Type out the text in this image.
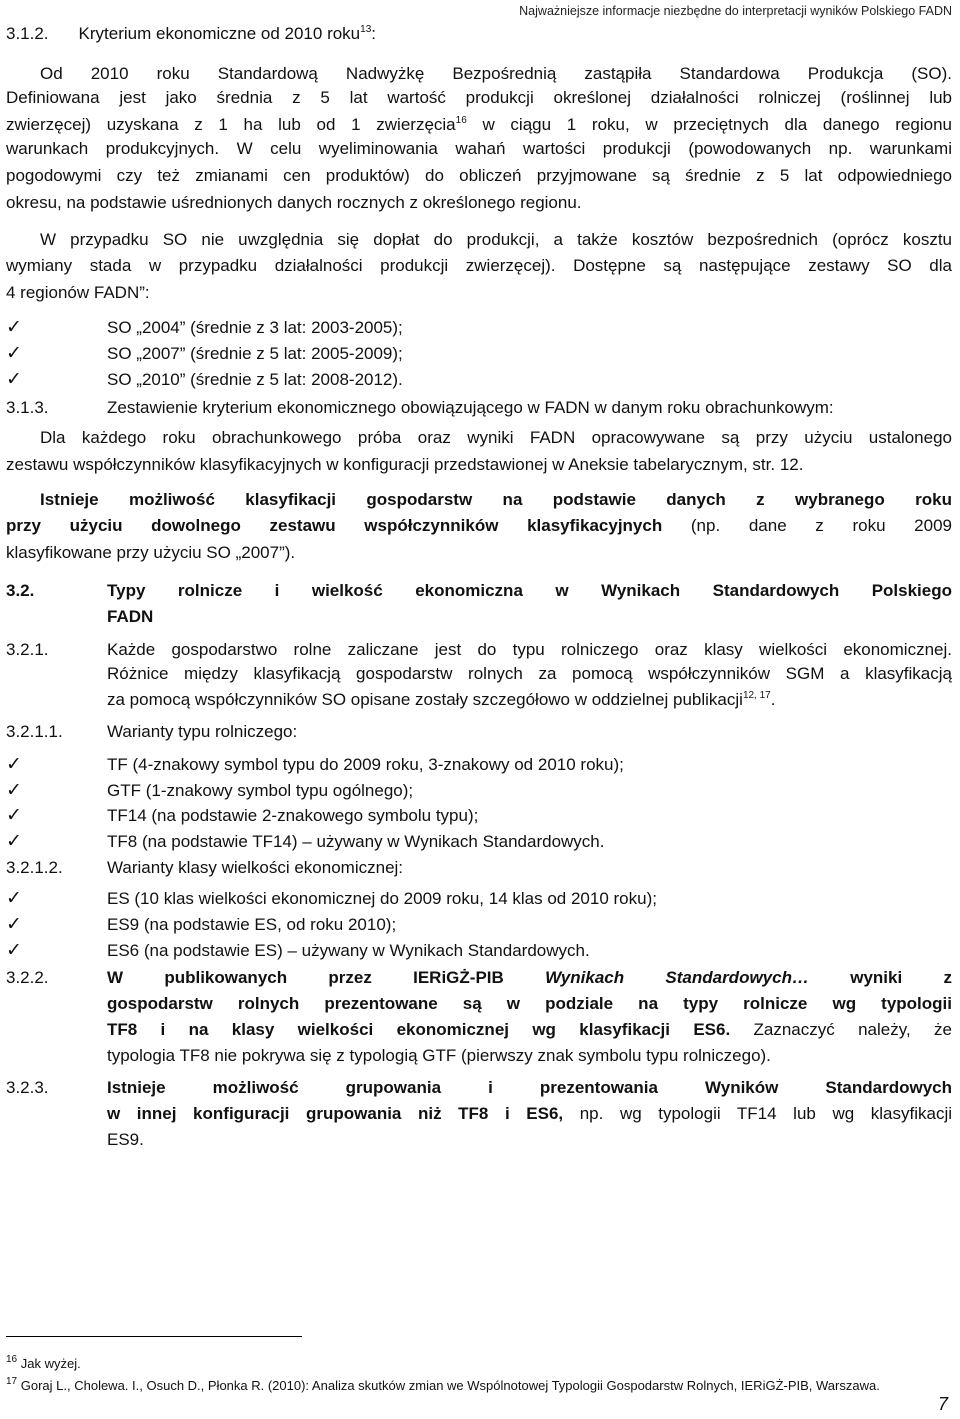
Najważniejsze informacje niezbędne do interpretacji wyników Polskiego FADN
3.1.2. Kryterium ekonomiczne od 2010 roku$^{13}$:
Od 2010 roku Standardową Nadwyżkę Bezpośrednią zastąpiła Standardowa Produkcja (SO).
Definiowana jest jako średnia z 5 lat wartość produkcji określonej działalności rolniczej (roślinnej lub
zwierzęcej) uzyskana z 1 ha lub od 1 zwierzęcia$^{16}$ w ciągu 1 roku, w przeciętnych dla danego regionu
warunkach produkcyjnych. W celu wyeliminowania wahań wartości produkcji (powodowanych np. warunkami
pogodowymi czy też zmianami cen produktów) do obliczeń przyjmowane są średnie z 5 lat odpowiedniego
okresu, na podstawie uśrednionych danych rocznych z określonego regionu.
W przypadku SO nie uwzględnia się dopłat do produkcji, a także kosztów bezpośrednich (oprócz kosztu
wymiany stada w przypadku działalności produkcji zwierzęcej). Dostępne są następujące zestawy SO dla
4 regionów FADN”:
✓	SO „2004” (średnie z 3 lat: 2003-2005);
✓	SO „2007” (średnie z 5 lat: 2005-2009);
✓	SO „2010” (średnie z 5 lat: 2008-2012).
3.1.3.	Zestawienie kryterium ekonomicznego obowiązującego w FADN w danym roku obrachunkowym:
Dla każdego roku obrachunkowego próba oraz wyniki FADN opracowywane są przy użyciu ustalonego
zestawu współczynników klasyfikacyjnych w konfiguracji przedstawionej w Aneksie tabelarycznym, str. 12.
Istnieje możliwość klasyfikacji gospodarstw na podstawie danych z wybranego roku
przy użyciu dowolnego zestawu współczynników klasyfikacyjnych (np. dane z roku 2009
klasyfikowane przy użyciu SO „2007”).
3.2.	Typy rolnicze i wielkość ekonomiczna w Wynikach Standardowych Polskiego
FADN
3.2.1.	Każde gospodarstwo rolne zaliczane jest do typu rolniczego oraz klasy wielkości ekonomicznej.
Różnice między klasyfikacją gospodarstw rolnych za pomocą współczynników SGM a klasyfikacją
za pomocą współczynników SO opisane zostały szczegółowo w oddzielnej publikacji$^{12, 17}$.
3.2.1.1.	Warianty typu rolniczego:
✓	TF (4-znakowy symbol typu do 2009 roku, 3-znakowy od 2010 roku);
✓	GTF (1-znakowy symbol typu ogólnego);
✓	TF14 (na podstawie 2-znakowego symbolu typu);
✓	TF8 (na podstawie TF14) – używany w Wynikach Standardowych.
3.2.1.2.	Warianty klasy wielkości ekonomicznej:
✓	ES (10 klas wielkości ekonomicznej do 2009 roku, 14 klas od 2010 roku);
✓	ES9 (na podstawie ES, od roku 2010);
✓	ES6 (na podstawie ES) – używany w Wynikach Standardowych.
3.2.2.	W publikowanych przez IERiGŻ-PIB Wynikach Standardowych… wyniki z
gospodarstw rolnych prezentowane są w podziale na typy rolnicze wg typologii
TF8 i na klasy wielkości ekonomicznej wg klasyfikacji ES6. Zaznaczyć należy, że
typologia TF8 nie pokrywa się z typologią GTF (pierwszy znak symbolu typu rolniczego).
3.2.3.	Istnieje możliwość grupowania i prezentowania Wyników Standardowych
w innej konfiguracji grupowania niż TF8 i ES6, np. wg typologii TF14 lub wg klasyfikacji
ES9.
$^{16}$ Jak wyżej.
$^{17}$ Goraj L., Cholewa. I., Osuch D., Płonka R. (2010): Analiza skutków zmian we Wspólnotowej Typologii Gospodarstw Rolnych, IERiGŻ-PIB, Warszawa.
7
